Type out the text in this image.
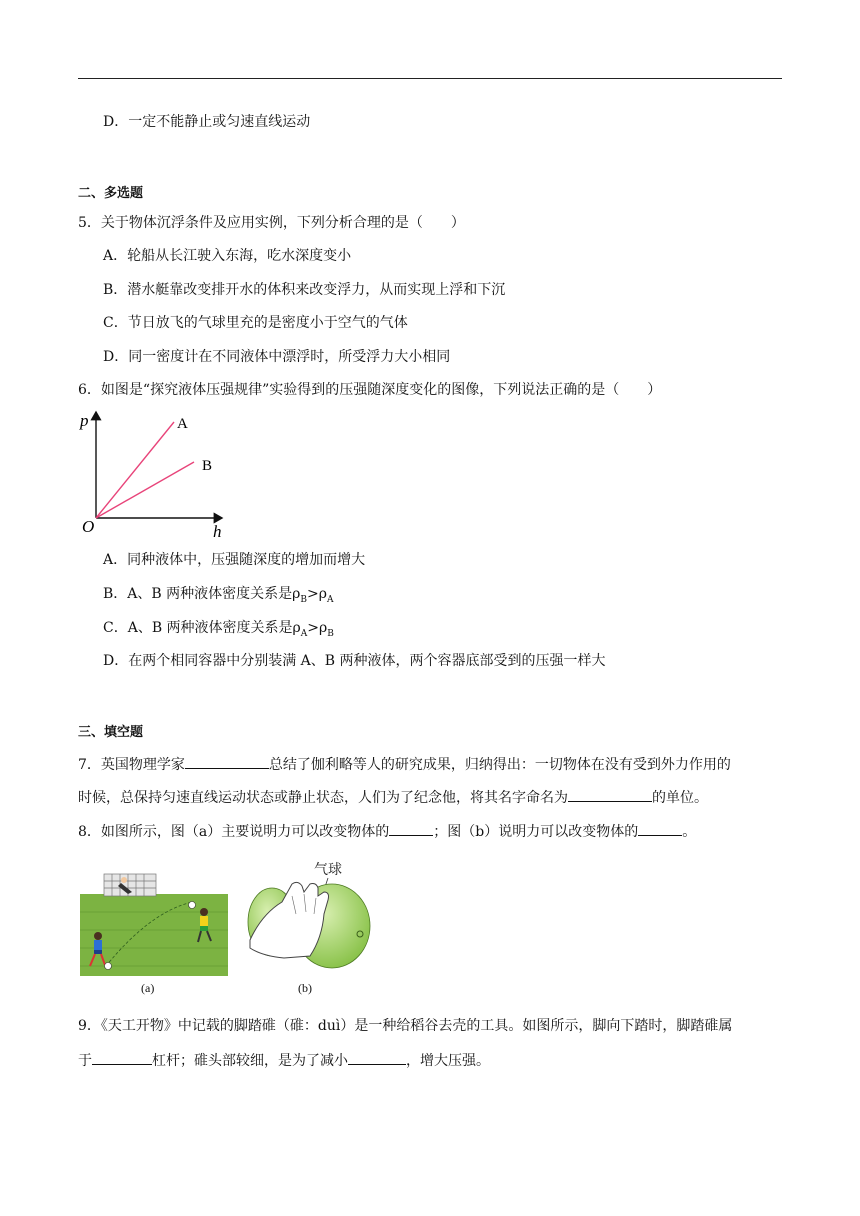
D．一定不能静止或匀速直线运动
二、多选题
5．关于物体沉浮条件及应用实例，下列分析合理的是（　　）
A．轮船从长江驶入东海，吃水深度变小
B．潜水艇靠改变排开水的体积来改变浮力，从而实现上浮和下沉
C．节日放飞的气球里充的是密度小于空气的气体
D．同一密度计在不同液体中漂浮时，所受浮力大小相同
6．如图是“探究液体压强规律”实验得到的压强随深度变化的图像，下列说法正确的是（　　）
p
h
O
A
B
A．同种液体中，压强随深度的增加而增大
B．A、B 两种液体密度关系是$\rho_B>\rho_A$
C．A、B 两种液体密度关系是$\rho_A>\rho_B$
D．在两个相同容器中分别装满 A、B 两种液体，两个容器底部受到的压强一样大
三、填空题
7．英国物理学家	总结了伽利略等人的研究成果，归纳得出：一切物体在没有受到外力作用的
时候，总保持匀速直线运动状态或静止状态，人们为了纪念他，将其名字命名为	的单位。
8．如图所示，图（a）主要说明力可以改变物体的	；图（b）说明力可以改变物体的	。
(a)
气球
(b)
9．《天工开物》中记载的脚踏碓（碓：duì）是一种给稻谷去壳的工具。如图所示，脚向下踏时，脚踏碓属
于	杠杆；碓头部较细，是为了减小	，增大压强。
